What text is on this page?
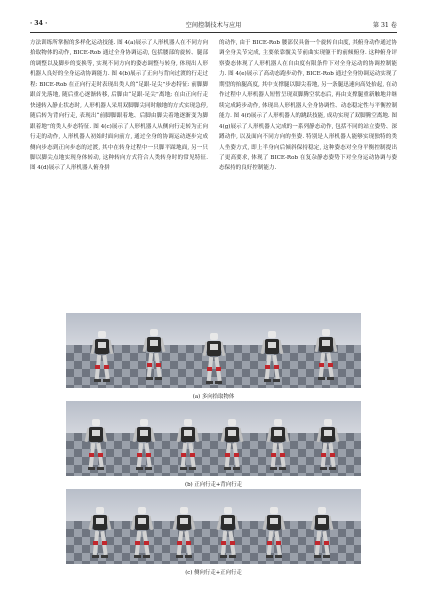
· 34 ·	空间控制技术与应用	第 31 卷

方法训练所掌握的多样化运动技能. 图 4(a)展示了人形机器人在不同方向拾取物体的动作, BICE-Rob 通过全身协调运动, 包括腰部的旋转、腿部的调整以及脚步的变换等, 实现不同方向的姿态调整与转身, 体现出人形机器人良好的全身运动协调能力. 图 4(b)展示了正向与背向过渡的行走过程: BICE-Rob 在正向行走时表现出类人的“足跟-足尖”步态特征: 前脚脚跟首先落地, 随后重心逐渐转移, 后脚由“足跟-足尖”离地; 在由正向行走快速转入静止状态时, 人形机器人采用双脚脚尖同时触地的方式实现急停, 随后转为背向行走, 表现出“前脚脚跟着地、后脚由脚尖着地逐渐变为脚跟着地”的类人步态特征. 图 4(c)展示了人形机器人从侧向行走转为正向行走的动作, 人形机器人初始时面向前方, 通过全身的协调运动逐步完成侧向步态到正向步态的过渡, 其中在转身过程中一只脚平踩地面, 另一只脚以脚尖点地实现身体转动, 这种转向方式符合人类转身时的常见特征. 图 4(d)展示了人形机器人俯身拼

的动作, 由于 BICE-Rob 腰部仅具备一个旋转自由度, 其俯身动作通过协调全身关节完成, 主要依靠髋关节前曲实现躯干的前倾俯身. 这种俯身评察姿态体现了人形机器人在自由度有限条件下对全身运动的协调控制能力. 图 4(e)展示了高动态跑步动作, BICE-Rob 通过全身协调运动实现了期望的抬腿高度, 其中支撑腿以脚尖着地, 另一条腿迅速向高处抬起, 在动作过程中人形机器人短暂呈现双脚腾空状态后, 再由支撑腿重新触地并继续完成跨步动作, 体现出人形机器人全身协调性、动态稳定性与平衡控制能力. 图 4(f)展示了人形机器人的跳跃技能, 成功实现了双脚腾空离地. 图 4(g)展示了人形机器人完成的一系列静态动作, 包括不同的站立姿势、深蹲动作, 以及面向不同方向的坐姿. 特别是人形机器人能够实现独特的类人坐姿方式, 即上半身向后倾斜保持稳定, 这种姿态对全身平衡控制提出了更高要求, 体现了 BICE-Rob 在复杂静态姿势下对全身运动协调与姿态保持的良好控制能力.

(a) 多向拾取物体
(b) 正向行走+背向行走
(c) 侧向行走+正向行走
